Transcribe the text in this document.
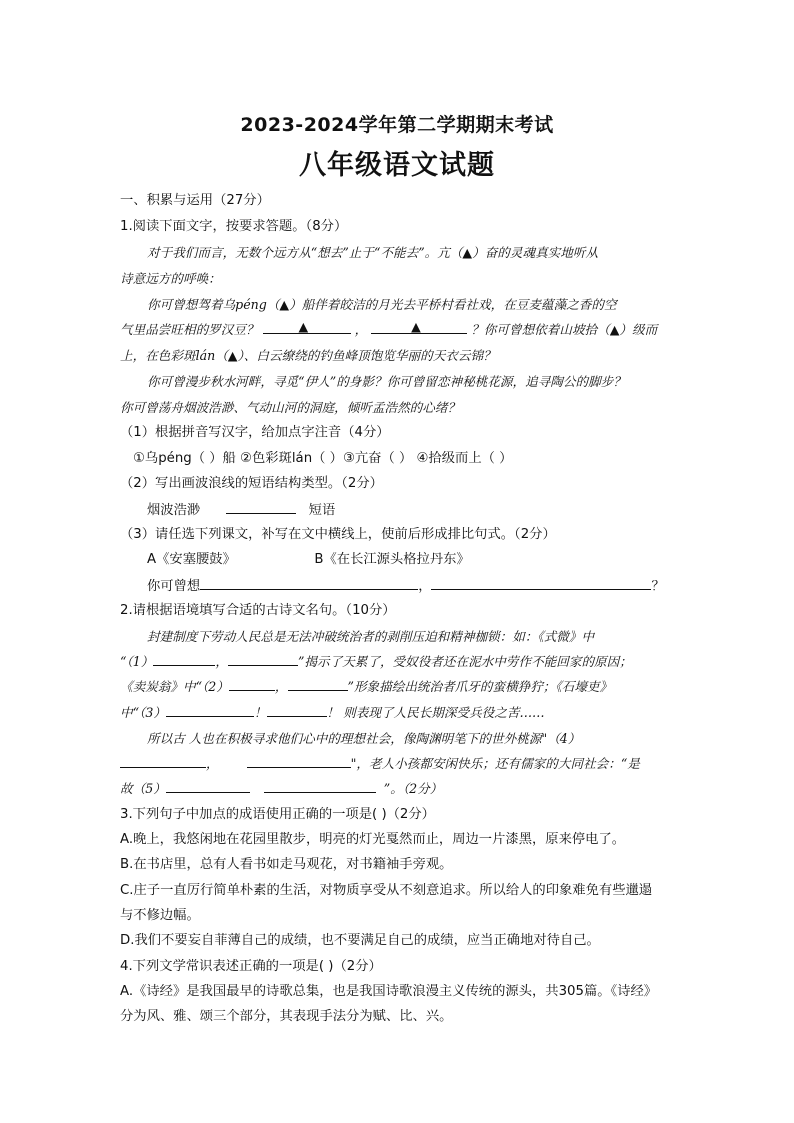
2023-2024学年第二学期期末考试
八年级语文试题
一、积累与运用（27分）
1.阅读下面文字，按要求答题。（8分）
对于我们而言，无数个远方从“想去”止于“不能去”。亢（▲）奋的灵魂真实地听从
诗意远方的呼唤：
你可曾想驾着乌péng（▲）船伴着皎洁的月光去平桥村看社戏，在豆麦蕴藻之香的空
气里品尝旺相的罗汉豆？	▲	，	▲	？你可曾想依着山坡拾（▲）级而
上，在色彩斑lán（▲）、白云缭绕的钓鱼峰顶饱览华丽的天衣云锦？
你可曾漫步秋水河畔，寻觅“伊人”的身影？你可曾留恋神秘桃花源，追寻陶公的脚步？
你可曾荡舟烟波浩渺、气动山河的洞庭，倾听孟浩然的心绪？
（1）根据拼音写汉字，给加点字注音（4分）
①乌péng（ ）船 ②色彩斑lán（ ）③亢奋（ ） ④拾级而上（ ）
（2）写出画波浪线的短语结构类型。（2分）
烟波浩渺	短语
（3）请任选下列课文，补写在文中横线上，使前后形成排比句式。（2分）
A《安塞腰鼓》	B《在长江源头格拉丹东》
你可曾想	，	？
2.请根据语境填写合适的古诗文名句。（10分）
封建制度下劳动人民总是无法冲破统治者的剥削压迫和精神枷锁：如：《式微》中
“（1）	，	”揭示了天累了，受奴役者还在泥水中劳作不能回家的原因；
《卖炭翁》中“（2）	，	”形象描绘出统治者爪牙的蛮横狰狞；《石壕吏》
中“（3）	！	！ 则表现了人民长期深受兵役之苦……
所以古 人也在积极寻求他们心中的理想社会，像陶渊明笔下的世外桃源"（4）
，	"，老人小孩都安闲快乐；还有儒家的大同社会：“是
故（5）	”。（2分）
3.下列句子中加点的成语使用正确的一项是( )（2分）
A.晚上，我悠闲地在花园里散步，明亮的灯光戛然而止，周边一片漆黑，原来停电了。
B.在书店里，总有人看书如走马观花，对书籍袖手旁观。
C.庄子一直厉行简单朴素的生活，对物质享受从不刻意追求。所以给人的印象难免有些邋遢
与不修边幅。
D.我们不要妄自菲薄自己的成绩，也不要满足自己的成绩，应当正确地对待自己。
4.下列文学常识表述正确的一项是( )（2分）
A.《诗经》是我国最早的诗歌总集，也是我国诗歌浪漫主义传统的源头，共305篇。《诗经》
分为风、雅、颂三个部分，其表现手法分为赋、比、兴。
